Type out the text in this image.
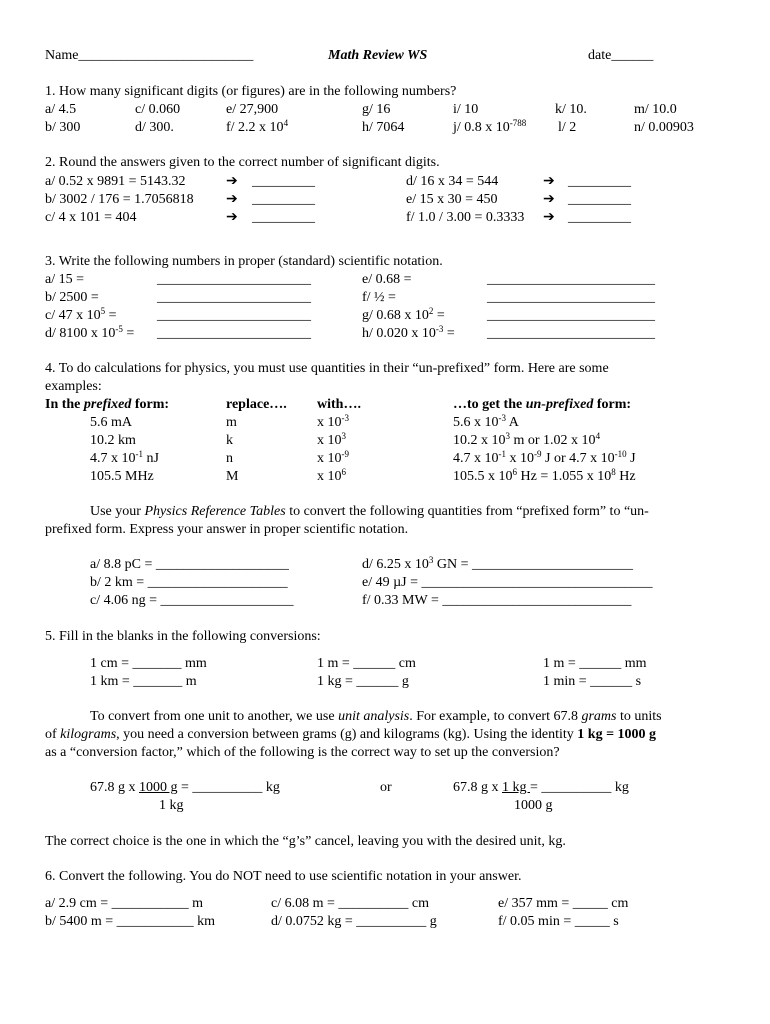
Name_________________________	Math Review WS	date______
1. How many significant digits (or figures) are in the following numbers?
a/ 4.5	c/ 0.060	e/ 27,900	g/ 16	i/ 10	k/ 10.	m/ 10.0
b/ 300	d/ 300.	f/ 2.2 x $10^4$	h/ 7064	j/ 0.8 x $10^{-788}$ l/ 2	n/ 0.00903
2. Round the answers given to the correct number of significant digits.
a/ 0.52 x 9891 = 5143.32	➔ _________	d/ 16 x 34 = 544	➔ _________
b/ 3002 / 176 = 1.7056818 ➔ _________	e/ 15 x 30 = 450	➔ _________
c/ 4 x 101 = 404	➔ _________	f/ 1.0 / 3.00 = 0.3333 ➔ _________
3. Write the following numbers in proper (standard) scientific notation.
a/ 15 =	______________________	e/ 0.68 =	________________________
b/ 2500 =	______________________	f/ ½ =	________________________
c/ 47 x $10^5$ =	______________________	g/ 0.68 x $10^2$ =	________________________
d/ 8100 x $10^{-5}$ = ______________________	h/ 0.020 x $10^{-3}$ = ________________________
4. To do calculations for physics, you must use quantities in their “un-prefixed” form. Here are some
examples:
In the prefixed form:	replace…. with….	…to get the un-prefixed form:
5.6 mA	m	x $10^{-3}$	5.6 x $10^{-3}$ A
10.2 km	k	x $10^3$	10.2 x $10^3$ m or 1.02 x $10^4$
4.7 x $10^{-1}$ nJ	n	x $10^{-9}$	4.7 x $10^{-1}$ x $10^{-9}$ J or 4.7 x $10^{-10}$ J
105.5 MHz	M	x $10^6$	105.5 x $10^6$ Hz = 1.055 x $10^8$ Hz
Use your Physics Reference Tables to convert the following quantities from “prefixed form” to “un-
prefixed form. Express your answer in proper scientific notation.
a/ 8.8 pC = ___________________	d/ 6.25 x $10^3$ GN = _______________________
b/ 2 km = ____________________	e/ 49 µJ = _________________________________
c/ 4.06 ng = ___________________	f/ 0.33 MW = ___________________________
5. Fill in the blanks in the following conversions:
1 cm = _______ mm	1 m = ______ cm	1 m = ______ mm
1 km = _______ m	1 kg = ______ g	1 min = ______ s
To convert from one unit to another, we use unit analysis. For example, to convert 67.8 grams to units
of kilograms, you need a conversion between grams (g) and kilograms (kg). Using the identity 1 kg = 1000 g
as a “conversion factor,” which of the following is the correct way to set up the conversion?
67.8 g x 1000 g = __________ kg
1 kg
or	67.8 g x 1 kg = __________ kg
1000 g
The correct choice is the one in which the “g’s” cancel, leaving you with the desired unit, kg.
6. Convert the following. You do NOT need to use scientific notation in your answer.
a/ 2.9 cm = ___________ m	c/ 6.08 m = __________ cm	e/ 357 mm = _____ cm
b/ 5400 m = ___________ km	d/ 0.0752 kg = __________ g	f/ 0.05 min = _____ s
